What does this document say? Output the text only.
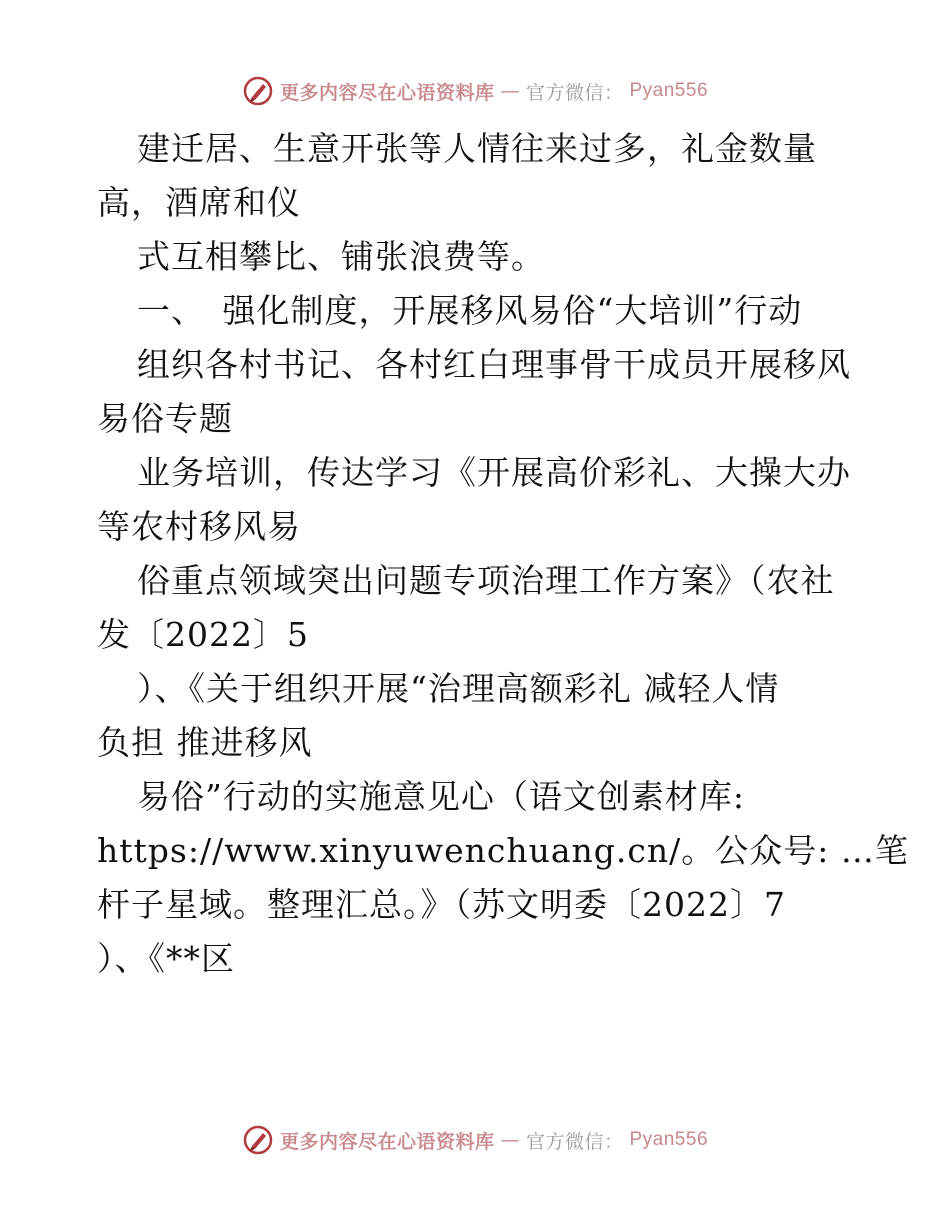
更多内容尽在心语资料库 — 官方微信： Pyan556
建迁居、生意开张等人情往来过多，礼金数量
高，酒席和仪
式互相攀比、铺张浪费等。
一、　强化制度，开展移风易俗“大培训”行动
组织各村书记、各村红白理事骨干成员开展移风
易俗专题
业务培训，传达学习《开展高价彩礼、大操大办
等农村移风易
俗重点领域突出问题专项治理工作方案》（农社
发〔2022〕5
）、《关于组织开展“治理高额彩礼 减轻人情
负担 推进移风
易俗”行动的实施意见心（语文创素材库:
https://www.xinyuwenchuang.cn/。公众号: …笔
杆子星域。整理汇总。》（苏文明委〔2022〕7
）、《**区
更多内容尽在心语资料库 — 官方微信： Pyan556
